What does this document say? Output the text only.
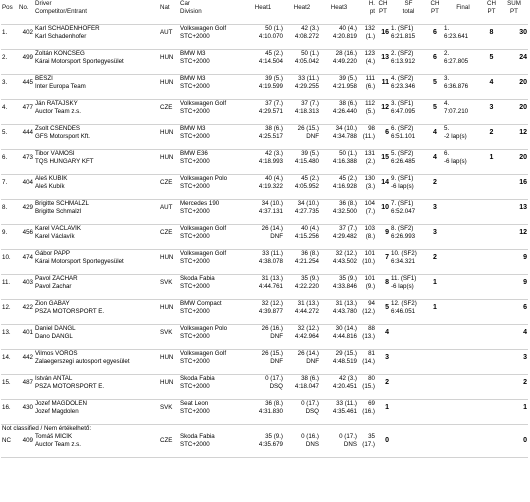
Pos	No.	Driver	Nat	Car	Heat1	Heat2	Heat3	H.	CH	SF	CH	Final	CH	SUM
		Competitor/Entrant		Division				pt	PT	total	PT		PT	PT

1.	402	Karl SCHADENHOFER	AUT	Volkswagen Golf	50 (1.)	42 (3.)	40 (4.)	132	16	1. (SF1)	6	1.	8	30
		Karl Schadenhofer		STC+2000	4:10.070	4:08.272	4:20.819	(1.)		6:21.815		6:23.641		

2.	499	Zoltán KONCSEG	HUN	BMW M3	45 (2.)	50 (1.)	28 (16.)	123	13	2. (SF2)	6	2.	5	24
		Kárai Motorsport Sportegyesület		STC+2000	4:14.504	4:05.042	4:49.220	(4.)		6:13.912		6:27.805		

3.	445	BÉSZI	HUN	BMW M3	39 (5.)	33 (11.)	39 (5.)	111	11	4. (SF2)	5	3.	4	20
		Inter Europa Team		STC+2000	4:19.599	4:29.255	4:21.958	(6.)		6:23.346		6:36.876		

4.	477	Ján RATAJSKÝ	CZE	Volkswagen Golf	37 (7.)	37 (7.)	38 (6.)	112	12	3. (SF1)	5	4.	3	20
		Auctor Team z.s.		STC+2000	4:29.571	4:18.313	4:26.440	(5.)		6:47.095		7:07.210		

5.	444	Zsolt CSENDES	HUN	BMW M3	38 (6.)	26 (15.)	34 (10.)	98	6	6. (SF2)	4	5.	2	12
		GFS Motorsport Kft.		STC+2000	4:25.517	DNF	4:34.788	(11.)		6:51.101		-2 lap(s)		

6.	473	Tibor VÁMOSI	HUN	BMW E36	42 (3.)	39 (5.)	50 (1.)	131	15	5. (SF2)	4	6.	1	20
		TQS HUNGARY KFT		STC+2000	4:18.993	4:15.480	4:16.388	(2.)		6:26.485		-6 lap(s)		

7.	404	Aleš KUBÍK	CZE	Volkswagen Polo	40 (4.)	45 (2.)	45 (2.)	130	14	9. (SF1)	2			16
		Aleš Kubík		STC+2000	4:19.322	4:05.952	4:16.928	(3.)		-6 lap(s)				

8.	429	Brigitte SCHMALZL	AUT	Mercedes 190	34 (10.)	34 (10.)	36 (8.)	104	10	7. (SF1)	3			13
		Brigitte Schmalzl		STC+2000	4:37.131	4:27.735	4:32.500	(7.)		6:52.047				

9.	456	Karel VÁCLAVÍK	CZE	Volkswagen Golf	26 (14.)	40 (4.)	37 (7.)	103	9	8. (SF2)	3			12
		Karel Václavík		STC+2000	DNF	4:15.256	4:29.482	(8.)		6:26.993				

10.	474	Gábor PAPP	HUN	Volkswagen Golf	33 (11.)	36 (8.)	32 (12.)	101	7	10. (SF2)	2			9
		Kárai Motorsport Sportegyesület		STC+2000	4:38.078	4:21.254	4:43.502	(10.)		6:34.321				

11.	403	Pavol ZACHAR	SVK	Škoda Fabia	31 (13.)	35 (9.)	35 (9.)	101	8	11. (SF1)	1			9
		Pavol Zachar		STC+2000	4:44.761	4:22.220	4:33.846	(9.)		-6 lap(s)				

12.	422	Zion GABAY	HUN	BMW Compact	32 (12.)	31 (13.)	31 (13.)	94	5	12. (SF2)	1			6
		PSZA MOTORSPORT E.		STC+2000	4:39.877	4:44.272	4:43.780	(12.)		6:46.051				

13.	401	Daniel DANGL	SVK	Volkswagen Polo	26 (16.)	32 (12.)	30 (14.)	88	4					4
		Dano DANGL		STC+2000	DNF	4:42.964	4:44.816	(13.)						

14.	442	Vilmos VÖRÖS	HUN	Volkswagen Golf	26 (15.)	26 (14.)	29 (15.)	81	3					3
		Zalaegerszegi autosport egyesület		STC+2000	DNF	DNF	4:48.519	(14.)						

15.	487	István ANTAL	HUN	Škoda Fabia	0 (17.)	38 (6.)	42 (3.)	80	2					2
		PSZA MOTORSPORT E.		STC+2000	DSQ	4:18.047	4:20.451	(15.)						

16.	430	Jozef MAGDOLEN	SVK	Seat Leon	36 (8.)	0 (17.)	33 (11.)	69	1					1
		Jozef Magdolen		STC+2000	4:31.830	DSQ	4:35.461	(16.)						

Not classified / Nem értékelhető:														
NC	409	Tomáš MIČÍK	CZE	Škoda Fabia	35 (9.)	0 (16.)	0 (17.)	35	0					0
		Auctor Team z.s.		STC+2000	4:35.679	DNS	DNS	(17.)						
